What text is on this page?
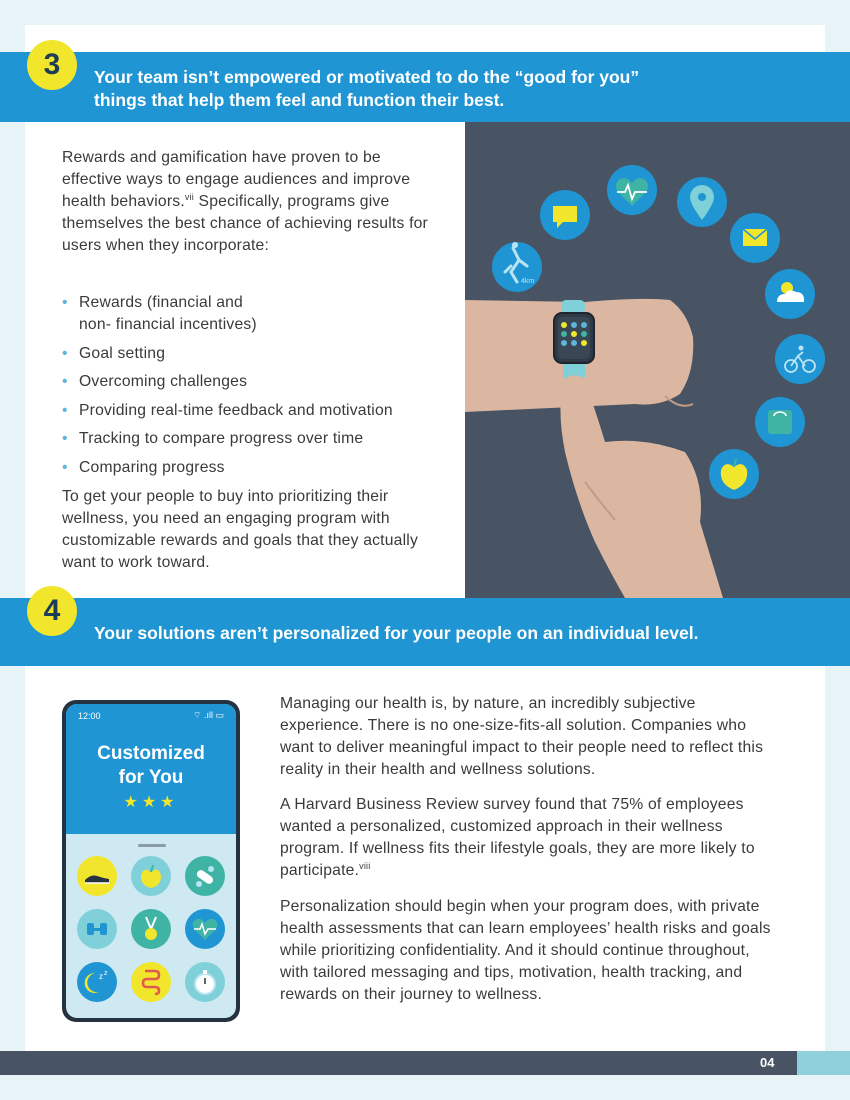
3	Your team isn’t empowered or motivated to do the “good for you”
things that help them feel and function their best.

Rewards and gamification have proven to be effective ways to engage audiences and improve health behaviors.$^{vii}$ Specifically, programs give themselves the best chance of achieving results for users when they incorporate:

• Rewards (financial and non- financial incentives)
• Goal setting
• Overcoming challenges
• Providing real-time feedback and motivation
• Tracking to compare progress over time
• Comparing progress

To get your people to buy into prioritizing their wellness, you need an engaging program with customizable rewards and goals that they actually want to work toward.

4km
4
Your solutions aren’t personalized for your people on an individual level.
12:00	⌔ .ıll ▭
Customized
for You
★★★
z z

Managing our health is, by nature, an incredibly subjective experience. There is no one-size-fits-all solution. Companies who want to deliver meaningful impact to their people need to reflect this reality in their health and wellness solutions.

A Harvard Business Review survey found that 75% of employees wanted a personalized, customized approach in their wellness program. If wellness fits their lifestyle goals, they are more likely to participate.$^{viii}$

Personalization should begin when your program does, with private health assessments that can learn employees’ health risks and goals while prioritizing confidentiality. And it should continue throughout, with tailored messaging and tips, motivation, health tracking, and rewards on their journey to wellness.

04
